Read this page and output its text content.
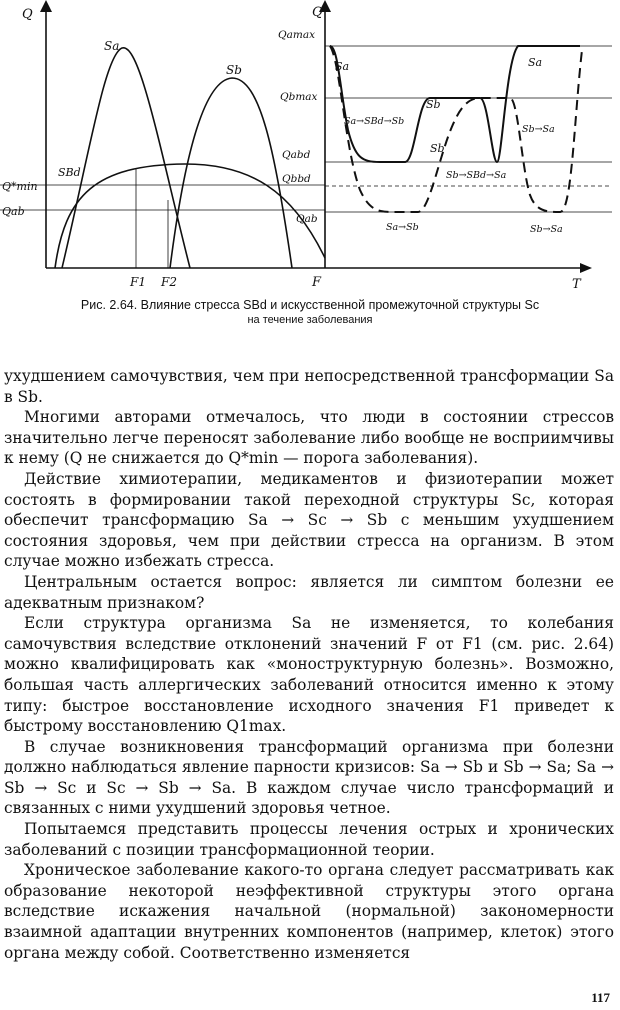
Q
Q*min
Qab
F1 F2	F
Sa
Sb
SBd
Q
Qamax
Qbmax
Qabd
Qbbd
Qab
T
Sa
Sb
Sb
Sa
Sa→SBd→Sb
Sb→Sa
Sb→SBd→Sa
Sa→Sb	Sb→Sa
Рис. 2.64. Влияние стресса SBd и искусственной промежуточной структуры Sc
на течение заболевания

ухудшением самочувствия, чем при непосредственной трансформации Sa в Sb.

Многими авторами отмечалось, что люди в состоянии стрессов значительно легче переносят заболевание либо вообще не восприимчивы к нему (Q не снижается до Q*min — порога заболевания).

Действие химиотерапии, медикаментов и физиотерапии может состоять в формировании такой переходной структуры Sc, которая обеспечит трансформацию Sa → Sc → Sb с меньшим ухудшением состояния здоровья, чем при действии стресса на организм. В этом случае можно избежать стресса.

Центральным остается вопрос: является ли симптом болезни ее адекватным признаком?

Если структура организма Sa не изменяется, то колебания самочувствия вследствие отклонений значений F от F1 (см. рис. 2.64) можно квалифицировать как «моноструктурную болезнь». Возможно, большая часть аллергических заболеваний относится именно к этому типу: быстрое восстановление исходного значения F1 приведет к быстрому восстановлению Q1max.

В случае возникновения трансформаций организма при болезни должно наблюдаться явление парности кризисов: Sa → Sb и Sb → Sa; Sa → Sb → Sc и Sc → Sb → Sa. В каждом случае число трансформаций и связанных с ними ухудшений здоровья четное.

Попытаемся представить процессы лечения острых и хронических заболеваний с позиции трансформационной теории.

Хроническое заболевание какого-то органа следует рассматривать как образование некоторой неэффективной структуры этого органа вследствие искажения начальной (нормальной) закономерности взаимной адаптации внутренних компонентов (например, клеток) этого органа между собой. Соответственно изменяется

117
